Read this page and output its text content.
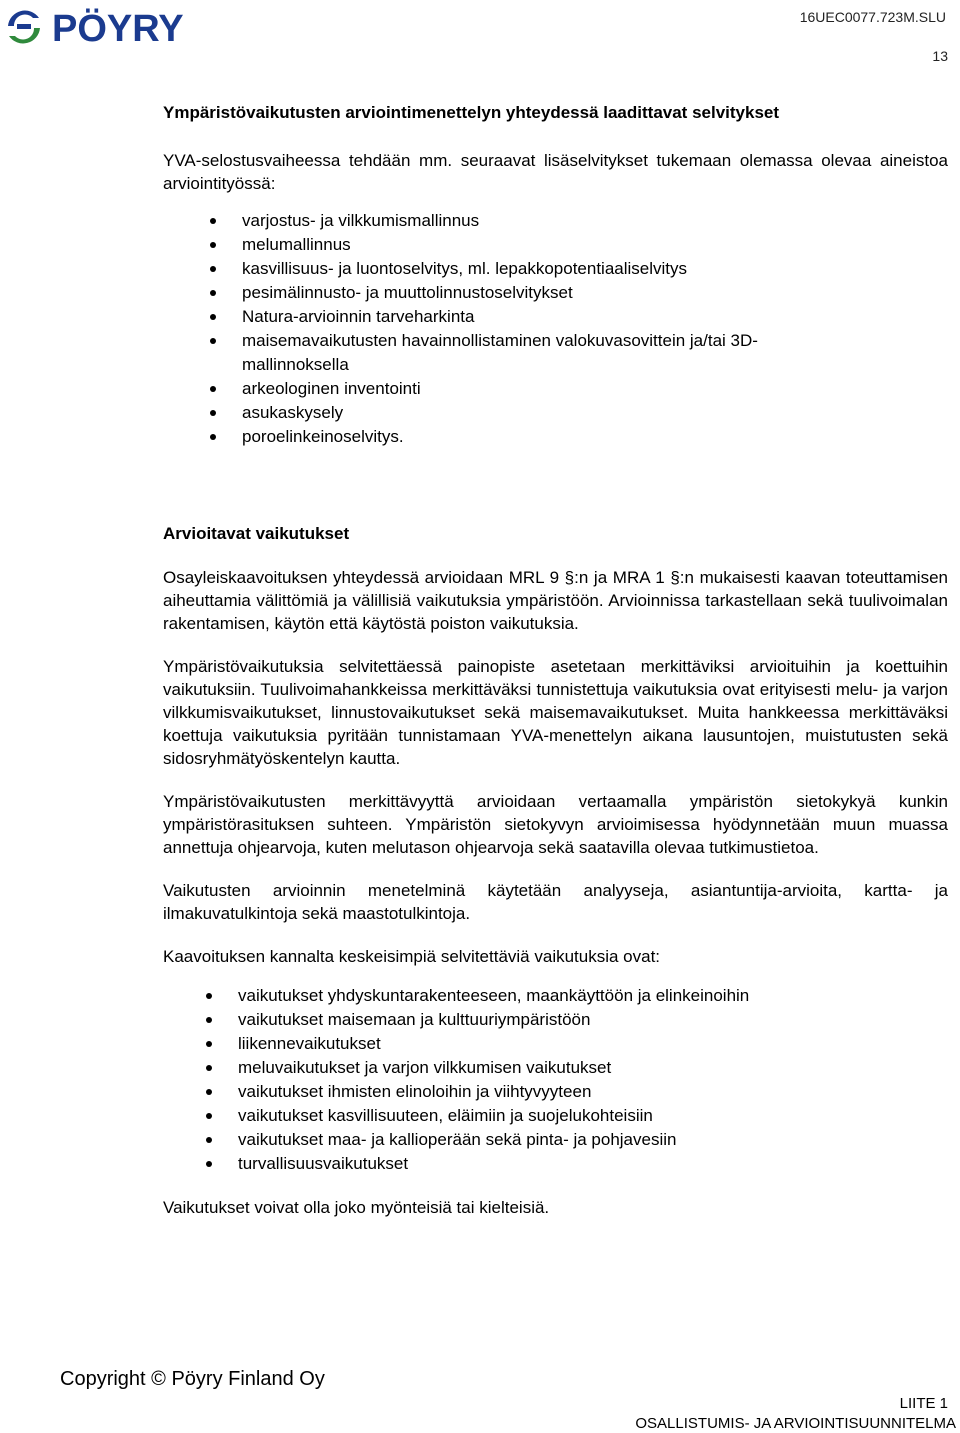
PÖYRY	16UEC0077.723M.SLU
13
Ympäristövaikutusten arviointimenettelyn yhteydessä laadittavat selvitykset

YVA-selostusvaiheessa tehdään mm. seuraavat lisäselvitykset tukemaan olemassa olevaa aineistoa arviointityössä:

varjostus- ja vilkkumismallinnus
melumallinnus
kasvillisuus- ja luontoselvitys, ml. lepakkopotentiaaliselvitys
pesimälinnusto- ja muuttolinnustoselvitykset
Natura-arvioinnin tarveharkinta
maisemavaikutusten havainnollistaminen valokuvasovittein ja/tai 3D-mallinnoksella
arkeologinen inventointi
asukaskysely
poroelinkeinoselvitys.
Arvioitavat vaikutukset

Osayleiskaavoituksen yhteydessä arvioidaan MRL 9 §:n ja MRA 1 §:n mukaisesti kaavan toteuttamisen aiheuttamia välittömiä ja välillisiä vaikutuksia ympäristöön. Arvioinnissa tarkastellaan sekä tuulivoimalan rakentamisen, käytön että käytöstä poiston vaikutuksia.

Ympäristövaikutuksia selvitettäessä painopiste asetetaan merkittäviksi arvioituihin ja koettuihin vaikutuksiin. Tuulivoimahankkeissa merkittäväksi tunnistettuja vaikutuksia ovat erityisesti melu- ja varjon vilkkumisvaikutukset, linnustovaikutukset sekä maisemavaikutukset. Muita hankkeessa merkittäväksi koettuja vaikutuksia pyritään tunnistamaan YVA-menettelyn aikana lausuntojen, muistutusten sekä sidosryhmätyöskentelyn kautta.

Ympäristövaikutusten merkittävyyttä arvioidaan vertaamalla ympäristön sietokykyä kunkin ympäristörasituksen suhteen. Ympäristön sietokyvyn arvioimisessa hyödynnetään muun muassa annettuja ohjearvoja, kuten melutason ohjearvoja sekä saatavilla olevaa tutkimustietoa.

Vaikutusten arvioinnin menetelminä käytetään analyyseja, asiantuntija-arvioita, kartta- ja ilmakuvatulkintoja sekä maastotulkintoja.

Kaavoituksen kannalta keskeisimpiä selvitettäviä vaikutuksia ovat:

vaikutukset yhdyskuntarakenteeseen, maankäyttöön ja elinkeinoihin
vaikutukset maisemaan ja kulttuuriympäristöön
liikennevaikutukset
meluvaikutukset ja varjon vilkkumisen vaikutukset
vaikutukset ihmisten elinoloihin ja viihtyvyyteen
vaikutukset kasvillisuuteen, eläimiin ja suojelukohteisiin
vaikutukset maa- ja kallioperään sekä pinta- ja pohjavesiin
turvallisuusvaikutukset

Vaikutukset voivat olla joko myönteisiä tai kielteisiä.

Copyright © Pöyry Finland Oy
LIITE 1
OSALLISTUMIS- JA ARVIOINTISUUNNITELMA
